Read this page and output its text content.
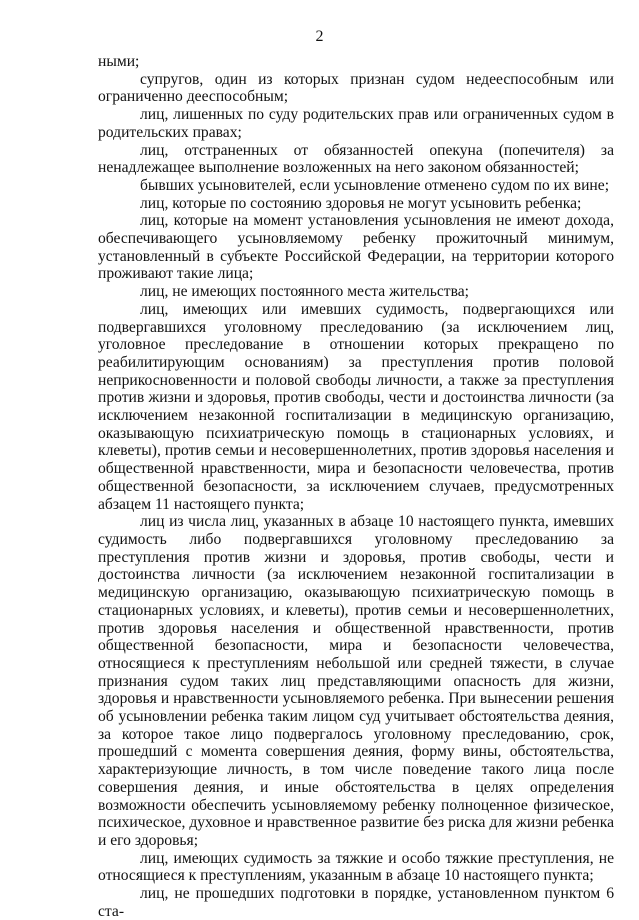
2

ными;

супругов, один из которых признан судом недееспособным или ограниченно дееспособным;

лиц, лишенных по суду родительских прав или ограниченных судом в родительских правах;

лиц, отстраненных от обязанностей опекуна (попечителя) за ненадлежащее выполнение возложенных на него законом обязанностей;

бывших усыновителей, если усыновление отменено судом по их вине;

лиц, которые по состоянию здоровья не могут усыновить ребенка;

лиц, которые на момент установления усыновления не имеют дохода, обеспечивающего усыновляемому ребенку прожиточный минимум, установленный в субъекте Российской Федерации, на территории которого проживают такие лица;

лиц, не имеющих постоянного места жительства;

лиц, имеющих или имевших судимость, подвергающихся или подвергавшихся уголовному преследованию (за исключением лиц, уголовное преследование в отношении которых прекращено по реабилитирующим основаниям) за преступления против половой неприкосновенности и половой свободы личности, а также за преступления против жизни и здоровья, против свободы, чести и достоинства личности (за исключением незаконной госпитализации в медицинскую организацию, оказывающую психиатрическую помощь в стационарных условиях, и клеветы), против семьи и несовершеннолетних, против здоровья населения и общественной нравственности, мира и безопасности человечества, против общественной безопасности, за исключением случаев, предусмотренных абзацем 11 настоящего пункта;

лиц из числа лиц, указанных в абзаце 10 настоящего пункта, имевших судимость либо подвергавшихся уголовному преследованию за преступления против жизни и здоровья, против свободы, чести и достоинства личности (за исключением незаконной госпитализации в медицинскую организацию, оказывающую психиатрическую помощь в стационарных условиях, и клеветы), против семьи и несовершеннолетних, против здоровья населения и общественной нравственности, против общественной безопасности, мира и безопасности человечества, относящиеся к преступлениям небольшой или средней тяжести, в случае признания судом таких лиц представляющими опасность для жизни, здоровья и нравственности усыновляемого ребенка. При вынесении решения об усыновлении ребенка таким лицом суд учитывает обстоятельства деяния, за которое такое лицо подвергалось уголовному преследованию, срок, прошедший с момента совершения деяния, форму вины, обстоятельства, характеризующие личность, в том числе поведение такого лица после совершения деяния, и иные обстоятельства в целях определения возможности обеспечить усыновляемому ребенку полноценное физическое, психическое, духовное и нравственное развитие без риска для жизни ребенка и его здоровья;

лиц, имеющих судимость за тяжкие и особо тяжкие преступления, не относящиеся к преступлениям, указанным в абзаце 10 настоящего пункта;

лиц, не прошедших подготовки в порядке, установленном пунктом 6 ста-
